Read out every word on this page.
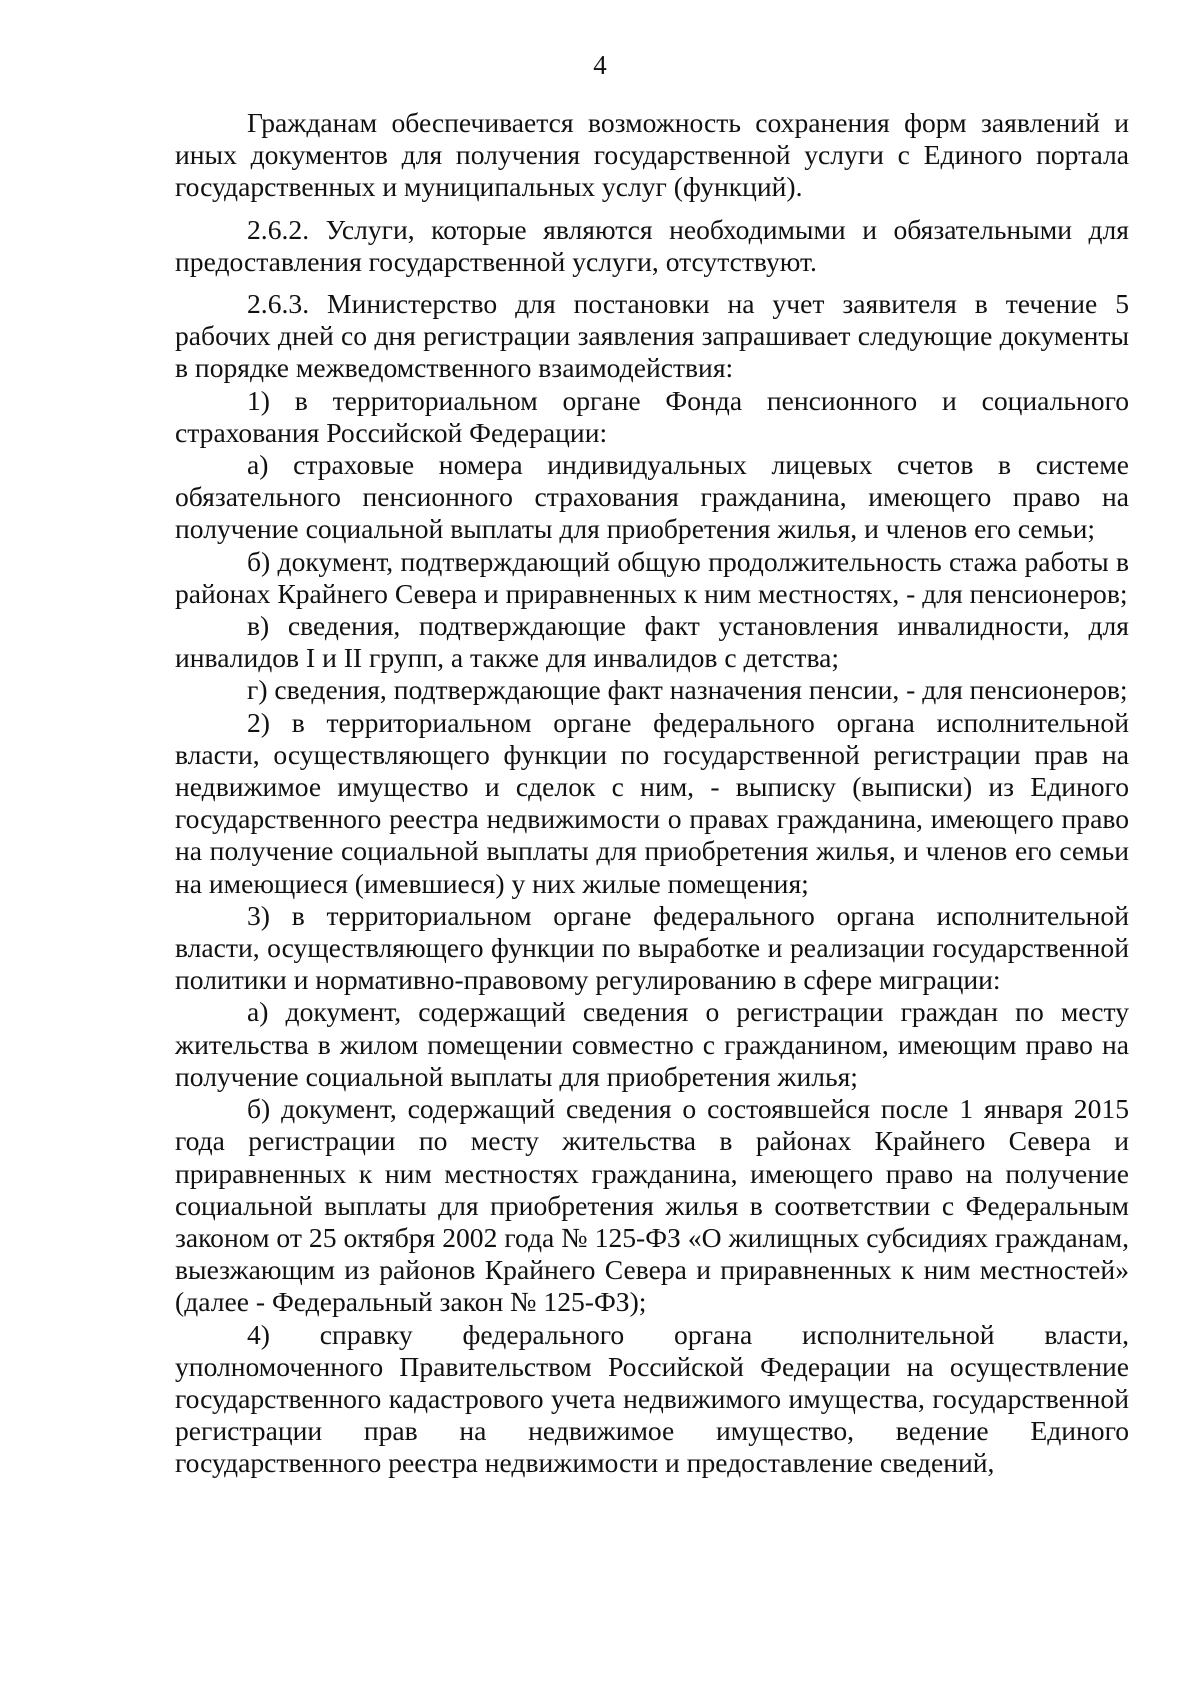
4

Гражданам обеспечивается возможность сохранения форм заявлений и иных документов для получения государственной услуги с Единого портала государственных и муниципальных услуг (функций).

2.6.2. Услуги, которые являются необходимыми и обязательными для предоставления государственной услуги, отсутствуют.

2.6.3. Министерство для постановки на учет заявителя в течение 5 рабочих дней со дня регистрации заявления запрашивает следующие документы в порядке межведомственного взаимодействия:

1) в территориальном органе Фонда пенсионного и социального страхования Российской Федерации:

а) страховые номера индивидуальных лицевых счетов в системе обязательного пенсионного страхования гражданина, имеющего право на получение социальной выплаты для приобретения жилья, и членов его семьи;

б) документ, подтверждающий общую продолжительность стажа работы в районах Крайнего Севера и приравненных к ним местностях, - для пенсионеров;

в) сведения, подтверждающие факт установления инвалидности, для инвалидов I и II групп, а также для инвалидов с детства;

г) сведения, подтверждающие факт назначения пенсии, - для пенсионеров;

2) в территориальном органе федерального органа исполнительной власти, осуществляющего функции по государственной регистрации прав на недвижимое имущество и сделок с ним, - выписку (выписки) из Единого государственного реестра недвижимости о правах гражданина, имеющего право на получение социальной выплаты для приобретения жилья, и членов его семьи на имеющиеся (имевшиеся) у них жилые помещения;

3) в территориальном органе федерального органа исполнительной власти, осуществляющего функции по выработке и реализации государственной политики и нормативно-правовому регулированию в сфере миграции:

а) документ, содержащий сведения о регистрации граждан по месту жительства в жилом помещении совместно с гражданином, имеющим право на получение социальной выплаты для приобретения жилья;

б) документ, содержащий сведения о состоявшейся после 1 января 2015 года регистрации по месту жительства в районах Крайнего Севера и приравненных к ним местностях гражданина, имеющего право на получение социальной выплаты для приобретения жилья в соответствии с Федеральным законом от 25 октября 2002 года № 125-ФЗ «О жилищных субсидиях гражданам, выезжающим из районов Крайнего Севера и приравненных к ним местностей» (далее - Федеральный закон № 125-ФЗ);

4) справку федерального органа исполнительной власти, уполномоченного Правительством Российской Федерации на осуществление государственного кадастрового учета недвижимого имущества, государственной регистрации прав на недвижимое имущество, ведение Единого государственного реестра недвижимости и предоставление сведений,
